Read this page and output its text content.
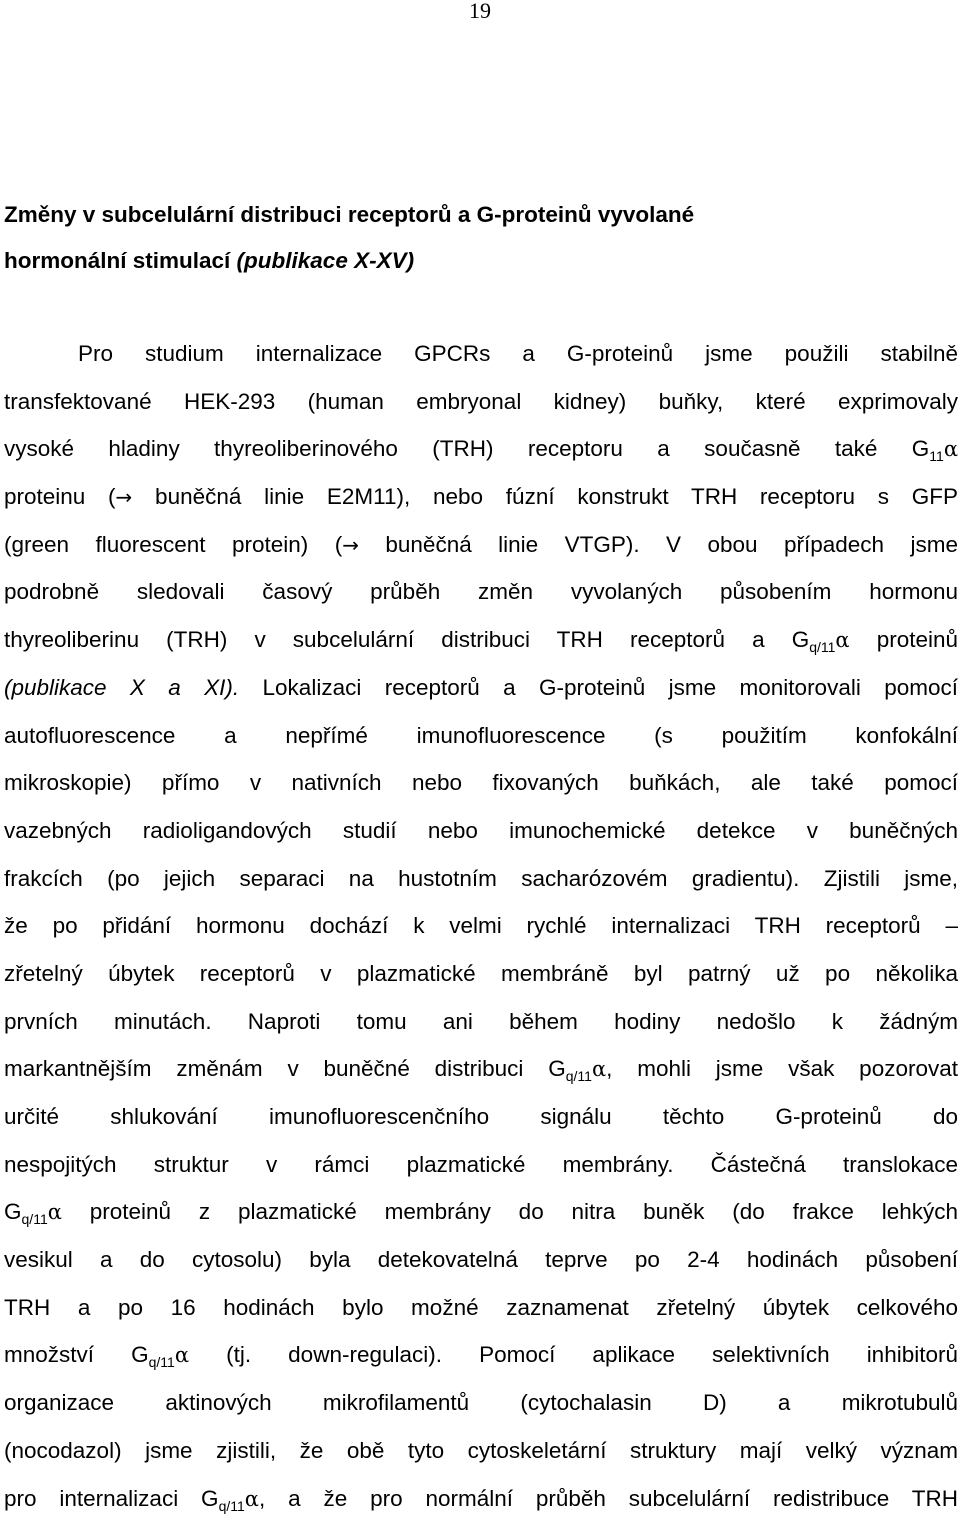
19
Změny v subcelulární distribuci receptorů a G-proteinů vyvolané
hormonální stimulací (publikace X-XV)
Pro studium internalizace GPCRs a G-proteinů jsme použili stabilně
transfektované HEK-293 (human embryonal kidney) buňky, které exprimovaly
vysoké hladiny thyreoliberinového (TRH) receptoru a současně také $G_{11}\alpha$
proteinu (→ buněčná linie E2M11), nebo fúzní konstrukt TRH receptoru s GFP
(green fluorescent protein) (→ buněčná linie VTGP). V obou případech jsme
podrobně sledovali časový průběh změn vyvolaných působením hormonu
thyreoliberinu (TRH) v subcelulární distribuci TRH receptorů a $G_{q/11}\alpha$ proteinů
(publikace X a XI). Lokalizaci receptorů a G-proteinů jsme monitorovali pomocí
autofluorescence a nepřímé imunofluorescence (s použitím konfokální
mikroskopie) přímo v nativních nebo fixovaných buňkách, ale také pomocí
vazebných radioligandových studií nebo imunochemické detekce v buněčných
frakcích (po jejich separaci na hustotním sacharózovém gradientu). Zjistili jsme,
že po přidání hormonu dochází k velmi rychlé internalizaci TRH receptorů –
zřetelný úbytek receptorů v plazmatické membráně byl patrný už po několika
prvních minutách. Naproti tomu ani během hodiny nedošlo k žádným
markantnějším změnám v buněčné distribuci $G_{q/11}\alpha$, mohli jsme však pozorovat
určité shlukování imunofluorescenčního signálu těchto G-proteinů do
nespojitých struktur v rámci plazmatické membrány. Částečná translokace
$G_{q/11}\alpha$ proteinů z plazmatické membrány do nitra buněk (do frakce lehkých
vesikul a do cytosolu) byla detekovatelná teprve po 2-4 hodinách působení
TRH a po 16 hodinách bylo možné zaznamenat zřetelný úbytek celkového
množství $G_{q/11}\alpha$ (tj. down-regulaci). Pomocí aplikace selektivních inhibitorů
organizace aktinových mikrofilamentů (cytochalasin D) a mikrotubulů
(nocodazol) jsme zjistili, že obě tyto cytoskeletární struktury mají velký význam
pro internalizaci $G_{q/11}\alpha$, a že pro normální průběh subcelulární redistribuce TRH
